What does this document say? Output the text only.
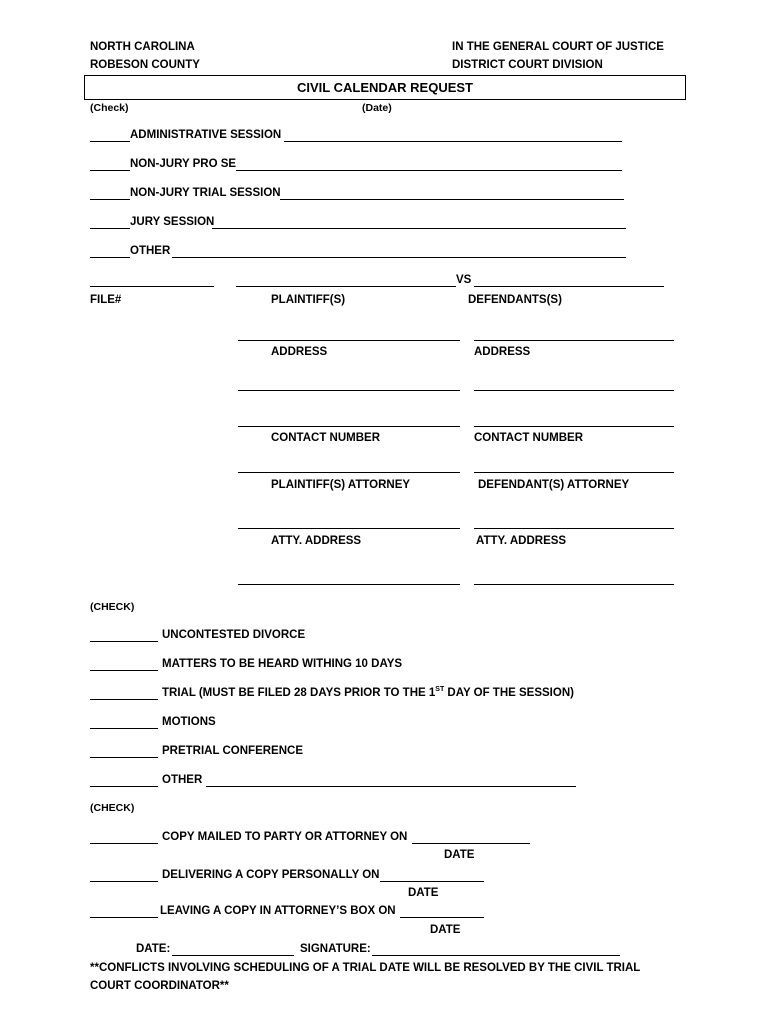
NORTH CAROLINA
ROBESON COUNTY
IN THE GENERAL COURT OF JUSTICE
DISTRICT COURT DIVISION
CIVIL CALENDAR REQUEST
(Check)	(Date)
ADMINISTRATIVE SESSION
NON-JURY PRO SE
NON-JURY TRIAL SESSION
JURY SESSION
OTHER
VS
FILE#	PLAINTIFF(S)	DEFENDANTS(S)
ADDRESS	ADDRESS
CONTACT NUMBER	CONTACT NUMBER
PLAINTIFF(S) ATTORNEY	DEFENDANT(S) ATTORNEY
ATTY. ADDRESS	ATTY. ADDRESS
(CHECK)
UNCONTESTED DIVORCE
MATTERS TO BE HEARD WITHING 10 DAYS
TRIAL (MUST BE FILED 28 DAYS PRIOR TO THE 1ST DAY OF THE SESSION)
MOTIONS
PRETRIAL CONFERENCE
OTHER
(CHECK)
COPY MAILED TO PARTY OR ATTORNEY ON
DATE
DELIVERING A COPY PERSONALLY ON
DATE
LEAVING A COPY IN ATTORNEY’S BOX ON
DATE
DATE:	SIGNATURE:
**CONFLICTS INVOLVING SCHEDULING OF A TRIAL DATE WILL BE RESOLVED BY THE CIVIL TRIAL
COURT COORDINATOR**
